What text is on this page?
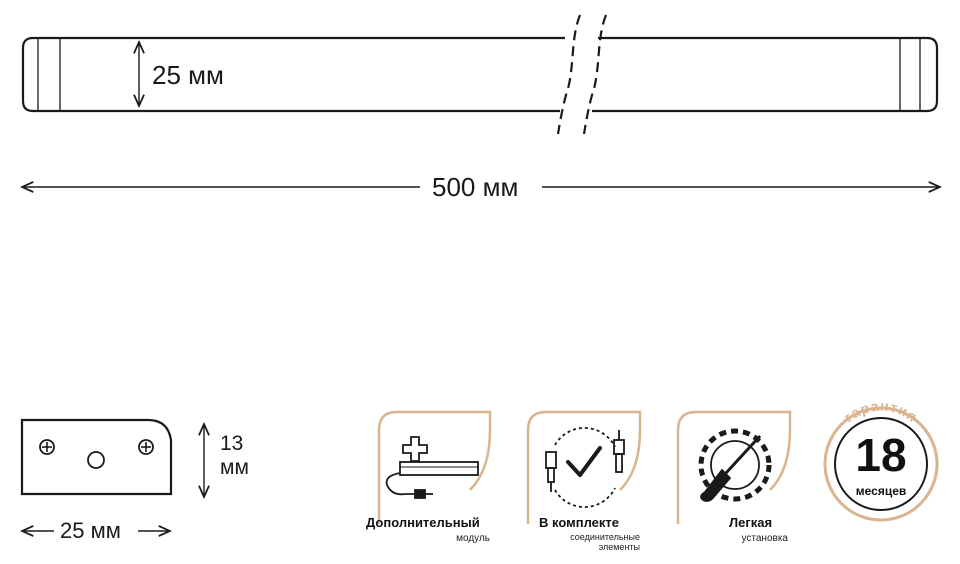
гарантия
25 мм
500 мм
13
мм
25 мм	Дополнительный
модуль
В комплекте
соединительные
элементы
Легкая
установка
18
месяцев
